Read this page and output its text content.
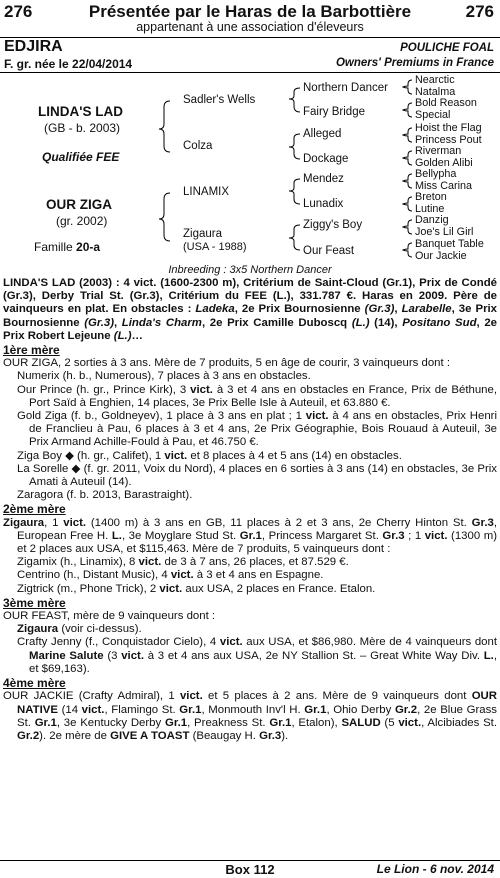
276	Présentée par le Haras de la Barbottière	276
appartenant à une association d'éleveurs
EDJIRA	POULICHE FOAL
F. gr. née le 22/04/2014	Owners' Premiums in France
LINDA'S LAD
(GB - b. 2003)
Qualifiée FEE
OUR ZIGA
(gr. 2002)
Famille 20-a
Sadler's Wells
Colza
LINAMIX
Zigaura
(USA - 1988)
Northern Dancer
Fairy Bridge
Alleged
Dockage
Mendez
Lunadix
Ziggy's Boy
Our Feast
Nearctic
Natalma
Bold Reason
Special
Hoist the Flag
Princess Pout
Riverman
Golden Alibi
Bellypha
Miss Carina
Breton
Lutine
Danzig
Joe's Lil Girl
Banquet Table
Our Jackie
Inbreeding : 3x5 Northern Dancer

LINDA'S LAD (2003) : 4 vict. (1600-2300 m), Critérium de Saint-Cloud (Gr.1), Prix de Condé (Gr.3), Derby Trial St. (Gr.3), Critérium du FEE (L.), 331.787 €. Haras en 2009. Père de vainqueurs en plat. En obstacles : Ladeka, 2e Prix Bournosienne (Gr.3), Larabelle, 3e Prix Bournosienne (Gr.3), Linda's Charm, 2e Prix Camille Duboscq (L.) (14), Positano Sud, 2e Prix Robert Lejeune (L.)…

1ère mère

OUR ZIGA, 2 sorties à 3 ans. Mère de 7 produits, 5 en âge de courir, 3 vainqueurs dont :

Numerix (h. b., Numerous), 7 places à 3 ans en obstacles.

Our Prince (h. gr., Prince Kirk), 3 vict. à 3 et 4 ans en obstacles en France, Prix de Béthune, Port Saïd à Enghien, 14 places, 3e Prix Belle Isle à Auteuil, et 63.880 €.

Gold Ziga (f. b., Goldneyev), 1 place à 3 ans en plat ; 1 vict. à 4 ans en obstacles, Prix Henri de Franclieu à Pau, 6 places à 3 et 4 ans, 2e Prix Géographie, Bois Rouaud à Auteuil, 3e Prix Armand Achille-Fould à Pau, et 46.750 €.

Ziga Boy ◆ (h. gr., Califet), 1 vict. et 8 places à 4 et 5 ans (14) en obstacles.

La Sorelle ◆ (f. gr. 2011, Voix du Nord), 4 places en 6 sorties à 3 ans (14) en obstacles, 3e Prix Amati à Auteuil (14).

Zaragora (f. b. 2013, Barastraight).

2ème mère

Zigaura, 1 vict. (1400 m) à 3 ans en GB, 11 places à 2 et 3 ans, 2e Cherry Hinton St. Gr.3, European Free H. L., 3e Moyglare Stud St. Gr.1, Princess Margaret St. Gr.3 ; 1 vict. (1300 m) et 2 places aux USA, et $115,463. Mère de 7 produits, 5 vainqueurs dont :

Zigamix (h., Linamix), 8 vict. de 3 à 7 ans, 26 places, et 87.529 €.

Centrino (h., Distant Music), 4 vict. à 3 et 4 ans en Espagne.

Zigtrick (m., Phone Trick), 2 vict. aux USA, 2 places en France. Etalon.

3ème mère

OUR FEAST, mère de 9 vainqueurs dont :

Zigaura (voir ci-dessus).

Crafty Jenny (f., Conquistador Cielo), 4 vict. aux USA, et $86,980. Mère de 4 vainqueurs dont Marine Salute (3 vict. à 3 et 4 ans aux USA, 2e NY Stallion St. – Great White Way Div. L., et $69,163).

4ème mère

OUR JACKIE (Crafty Admiral), 1 vict. et 5 places à 2 ans. Mère de 9 vainqueurs dont OUR NATIVE (14 vict., Flamingo St. Gr.1, Monmouth Inv'l H. Gr.1, Ohio Derby Gr.2, 2e Blue Grass St. Gr.1, 3e Kentucky Derby Gr.1, Preakness St. Gr.1, Etalon), SALUD (5 vict., Alcibiades St. Gr.2). 2e mère de GIVE A TOAST (Beaugay H. Gr.3).

Box 112	Le Lion - 6 nov. 2014
